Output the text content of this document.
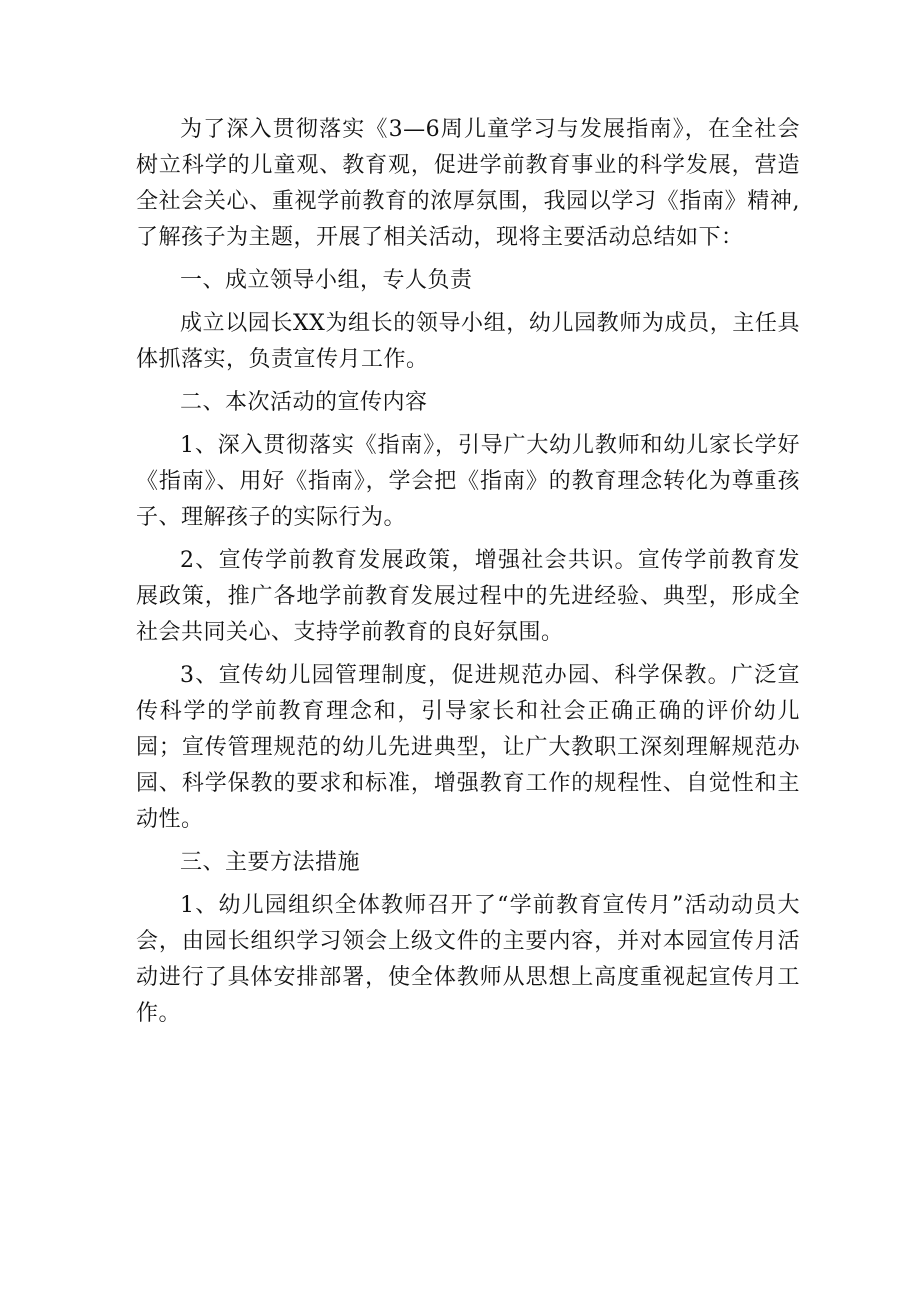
为了深入贯彻落实《3—6周儿童学习与发展指南》，在全社会树立科学的儿童观、教育观，促进学前教育事业的科学发展，营造全社会关心、重视学前教育的浓厚氛围，我园以学习《指南》精神,了解孩子为主题，开展了相关活动，现将主要活动总结如下：

一、成立领导小组，专人负责

成立以园长XX为组长的领导小组，幼儿园教师为成员，主任具体抓落实，负责宣传月工作。

二、本次活动的宣传内容

1、深入贯彻落实《指南》，引导广大幼儿教师和幼儿家长学好《指南》、用好《指南》，学会把《指南》的教育理念转化为尊重孩子、理解孩子的实际行为。

2、宣传学前教育发展政策，增强社会共识。宣传学前教育发展政策，推广各地学前教育发展过程中的先进经验、典型，形成全社会共同关心、支持学前教育的良好氛围。

3、宣传幼儿园管理制度，促进规范办园、科学保教。广泛宣传科学的学前教育理念和，引导家长和社会正确正确的评价幼儿园；宣传管理规范的幼儿先进典型，让广大教职工深刻理解规范办园、科学保教的要求和标准，增强教育工作的规程性、自觉性和主动性。

三、主要方法措施

1、幼儿园组织全体教师召开了“学前教育宣传月”活动动员大会，由园长组织学习领会上级文件的主要内容，并对本园宣传月活动进行了具体安排部署，使全体教师从思想上高度重视起宣传月工作。
